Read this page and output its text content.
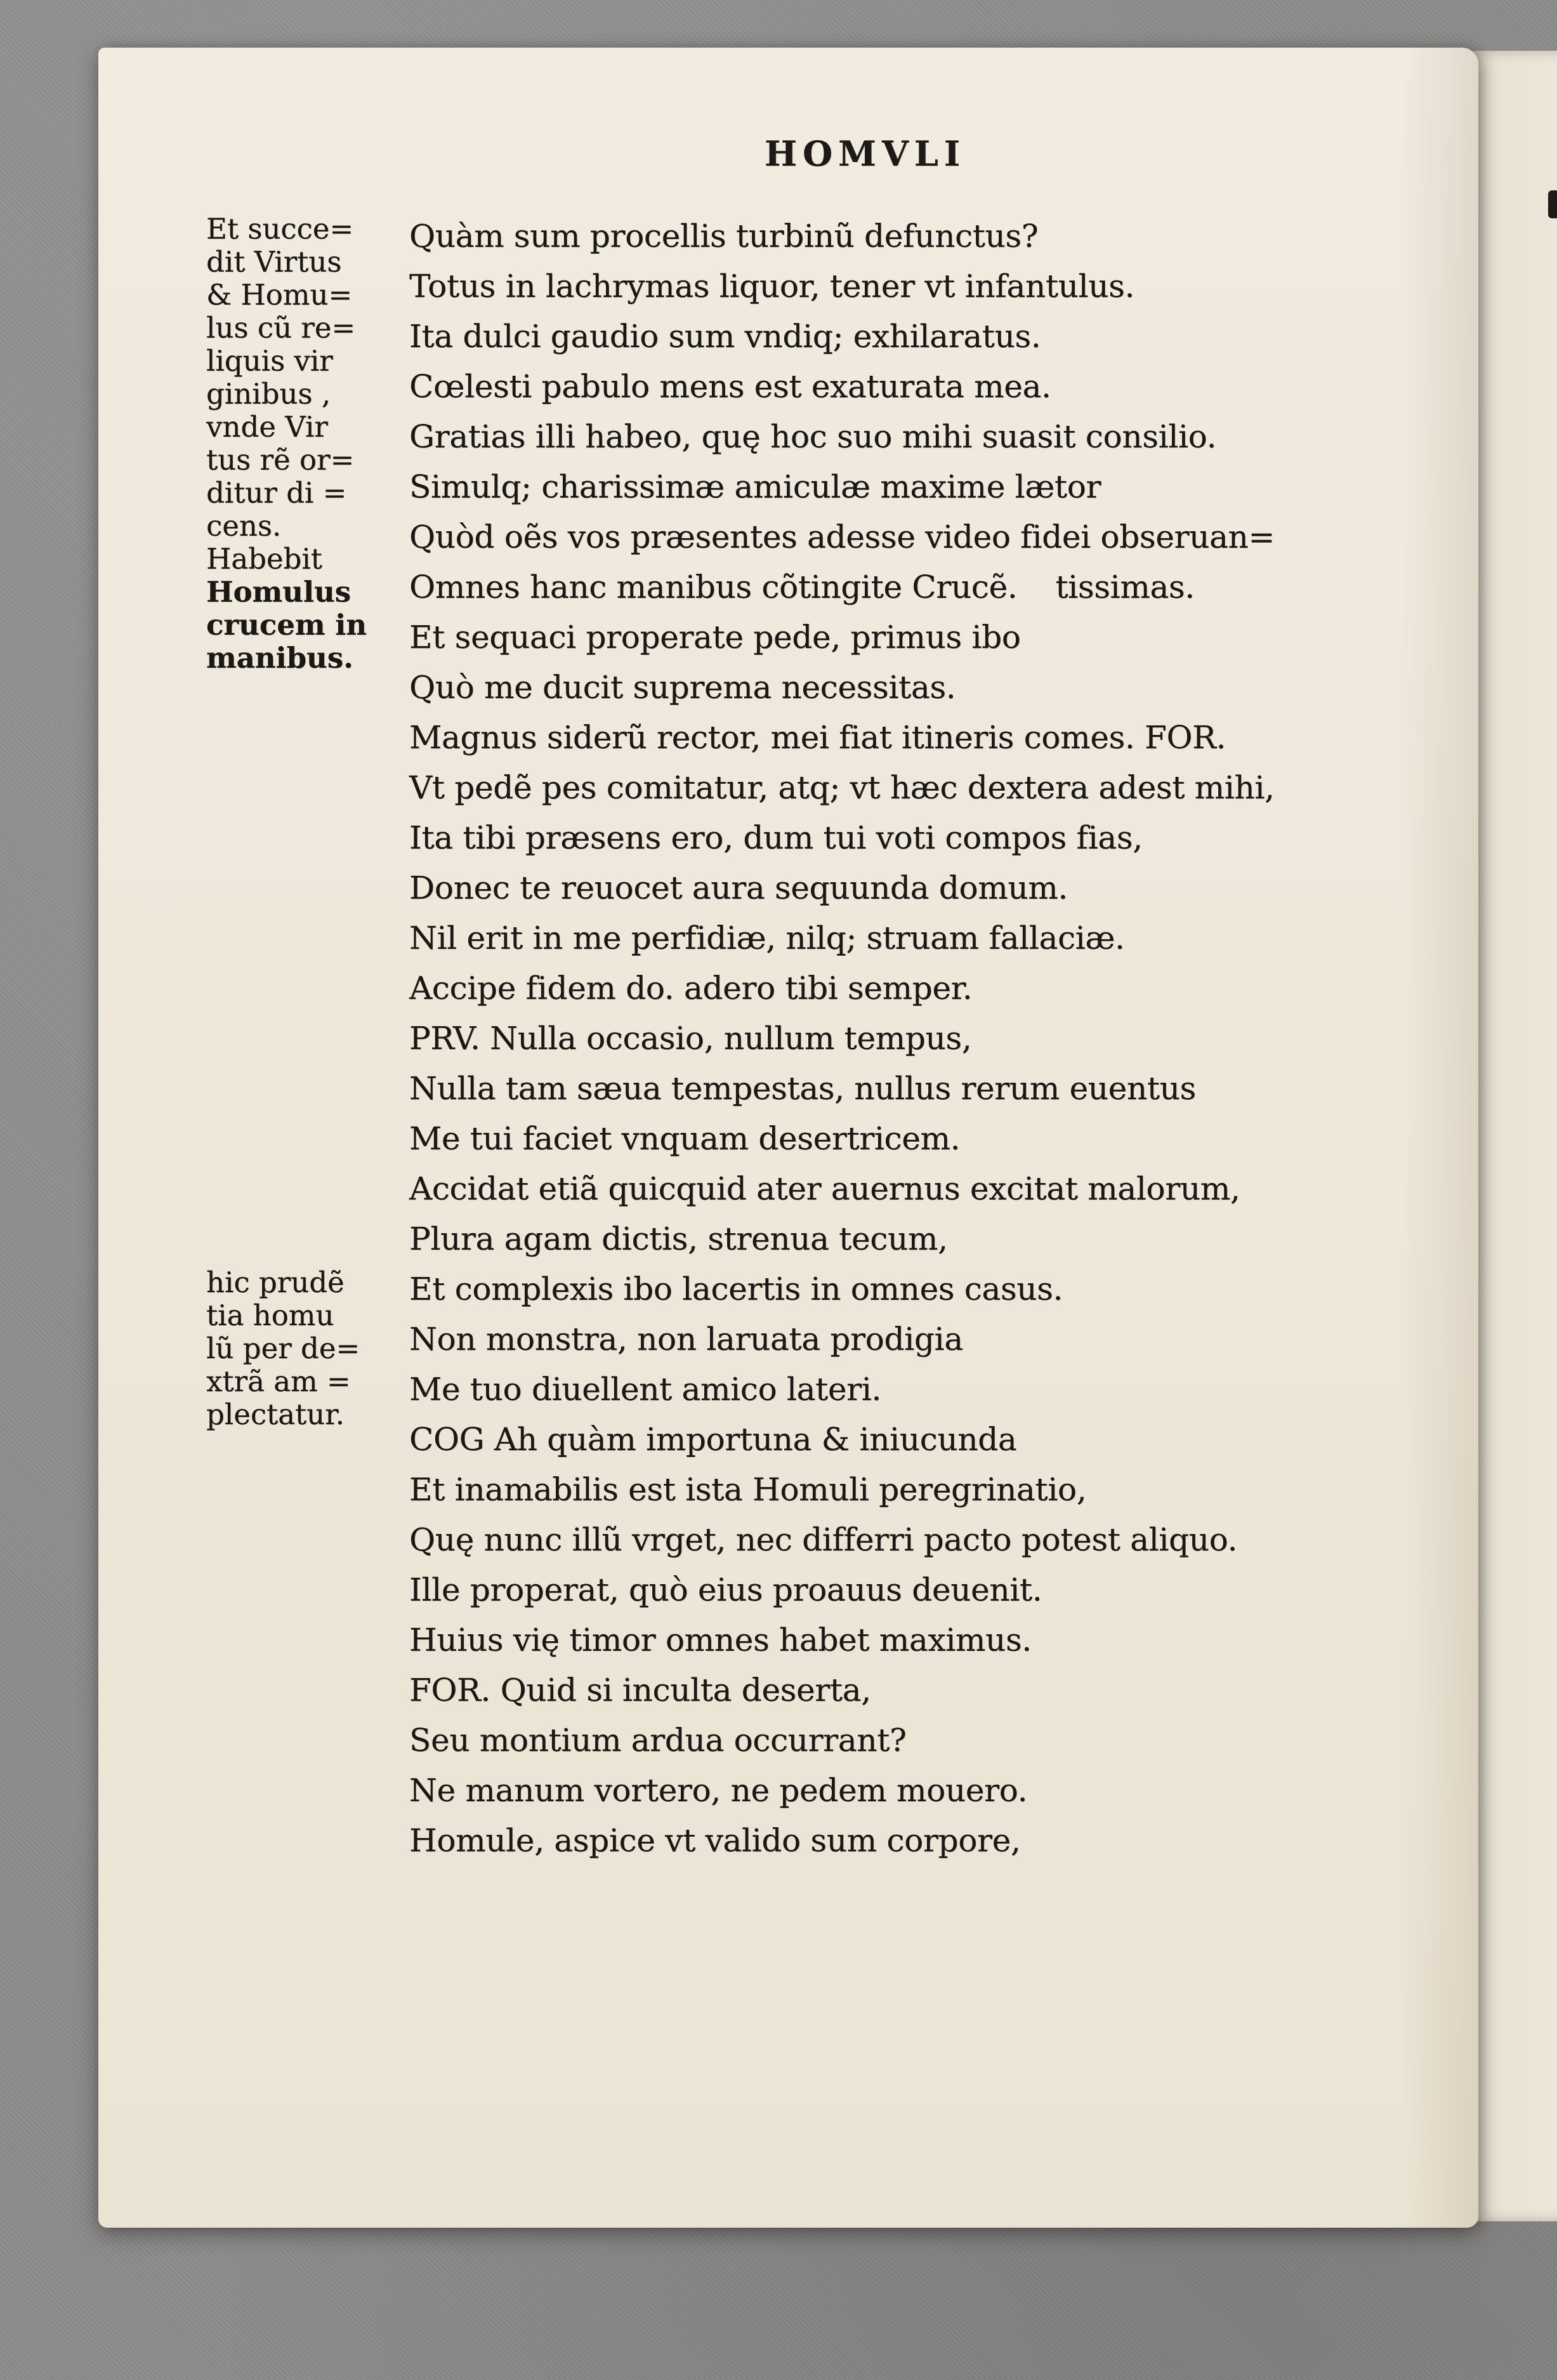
HOMVLI
Et succe=
dit Virtus
& Homu=
lus cũ re=
liquis vir
ginibus ,
vnde Vir
tus rẽ or=
ditur di =
cens.
Habebit
Homulus
crucem in
manibus.
hic prudẽ
tia homu
lũ per de=
xtrã am =
plectatur.
Quàm sum procellis turbinũ defunctus?
Totus in lachrymas liquor, tener vt infantulus.
Ita dulci gaudio sum vndiq; exhilaratus.
Cœlesti pabulo mens est exaturata mea.
Gratias illi habeo, quę hoc suo mihi suasit consilio.
Simulq; charissimæ amiculæ maxime lætor
Quòd oẽs vos præsentes adesse video fidei obseruan=
Omnes hanc manibus cõtingite Crucẽ. tissimas.
Et sequaci properate pede, primus ibo
Quò me ducit suprema necessitas.
Magnus siderũ rector, mei fiat itineris comes. FOR.
Vt pedẽ pes comitatur, atq; vt hæc dextera adest mihi,
Ita tibi præsens ero, dum tui voti compos fias,
Donec te reuocet aura sequunda domum.
Nil erit in me perfidiæ, nilq; struam fallaciæ.
Accipe fidem do. adero tibi semper.
PRV. Nulla occasio, nullum tempus,
Nulla tam sæua tempestas, nullus rerum euentus
Me tui faciet vnquam desertricem.
Accidat etiã quicquid ater auernus excitat malorum,
Plura agam dictis, strenua tecum,
Et complexis ibo lacertis in omnes casus.
Non monstra, non laruata prodigia
Me tuo diuellent amico lateri.
COG Ah quàm importuna & iniucunda
Et inamabilis est ista Homuli peregrinatio,
Quę nunc illũ vrget, nec differri pacto potest aliquo.
Ille properat, quò eius proauus deuenit.
Huius vię timor omnes habet maximus.
FOR. Quid si inculta deserta,
Seu montium ardua occurrant?
Ne manum vortero, ne pedem mouero.
Homule, aspice vt valido sum corpore,
